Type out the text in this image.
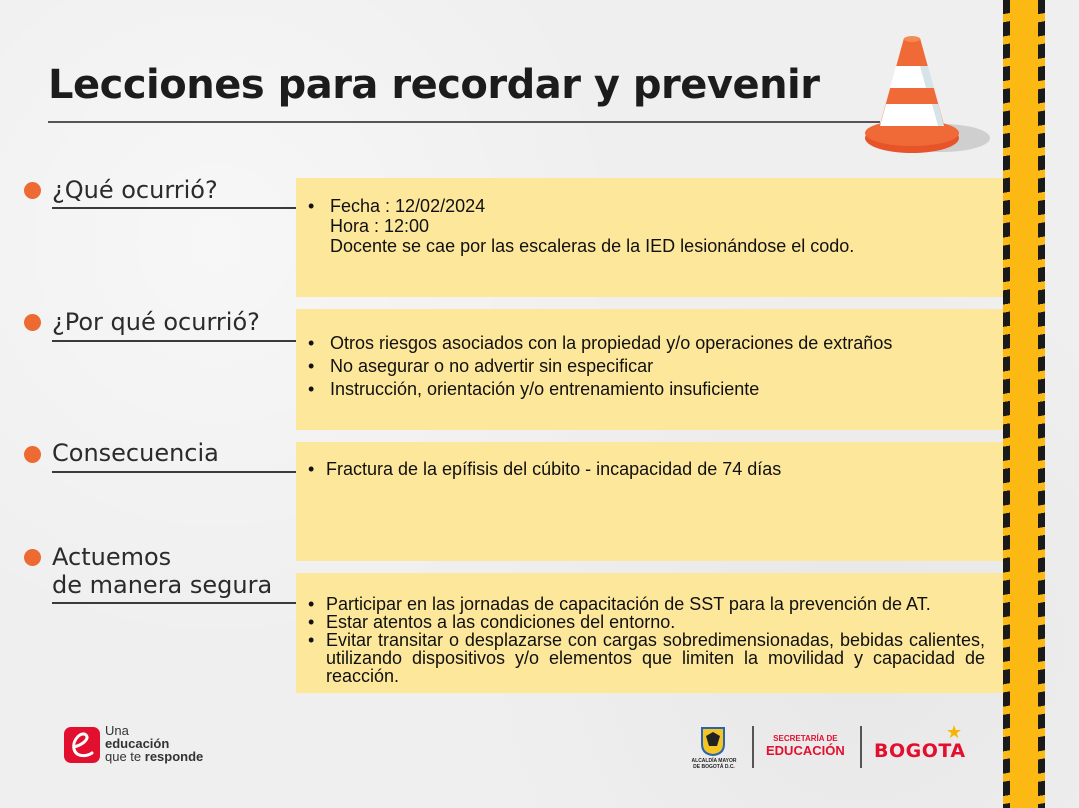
Lecciones para recordar y prevenir
¿Qué ocurrió?
• Fecha : 12/02/2024
Hora : 12:00
Docente se cae por las escaleras de la IED lesionándose el codo.
¿Por qué ocurrió?
• Otros riesgos asociados con la propiedad y/o operaciones de extraños
• No asegurar o no advertir sin especificar
• Instrucción, orientación y/o entrenamiento insuficiente
Consecuencia
• Fractura de la epífisis del cúbito - incapacidad de 74 días
Actuemos
de manera segura
• Participar en las jornadas de capacitación de SST para la prevención de AT.
• Estar atentos a las condiciones del entorno.
• Evitar transitar o desplazarse con cargas sobredimensionadas, bebidas calientes, utilizando dispositivos y/o elementos que limiten la movilidad y capacidad de reacción.
Una
educación
que te responde	ALCALDÍA MAYOR
DE BOGOTÁ D.C.
SECRETARÍA DE
EDUCACIÓN BOGOTA
★
